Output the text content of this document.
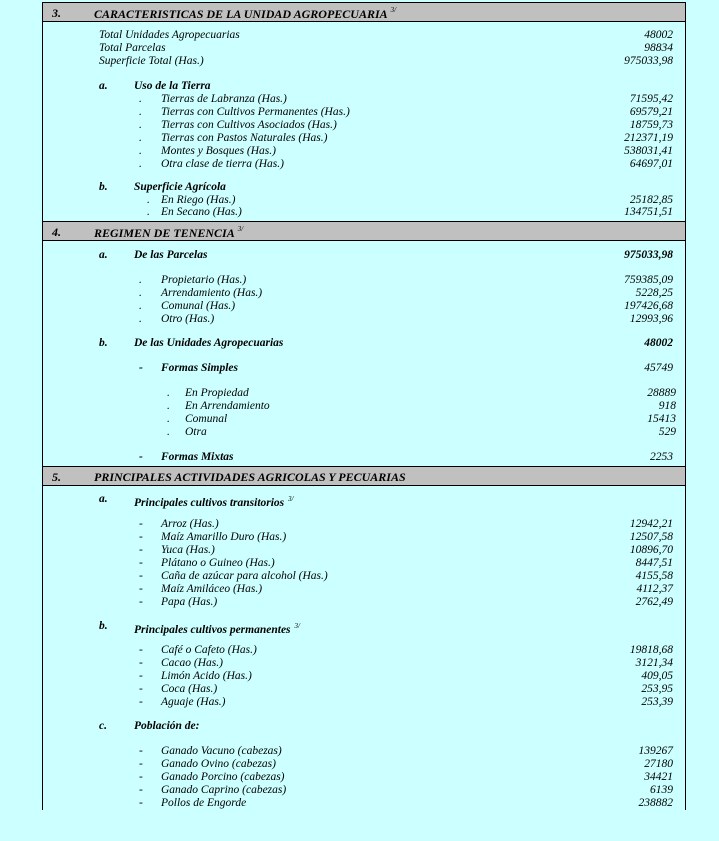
3.	CARACTERISTICAS DE LA UNIDAD AGROPECUARIA $^{3/}$
Total Unidades Agropecuarias	48002
Total Parcelas	98834
Superficie Total (Has.)	975033,98
a. Uso de la Tierra
. Tierras de Labranza (Has.)	71595,42
. Tierras con Cultivos Permanentes (Has.)	69579,21
. Tierras con Cultivos Asociados (Has.)	18759,73
. Tierras con Pastos Naturales (Has.)	212371,19
. Montes y Bosques (Has.)	538031,41
. Otra clase de tierra (Has.)	64697,01
b. Superficie Agrícola
. En Riego (Has.)	25182,85
. En Secano (Has.)	134751,51
4.	REGIMEN DE TENENCIA $^{3/}$
a. De las Parcelas	975033,98
. Propietario (Has.)	759385,09
. Arrendamiento (Has.)	5228,25
. Comunal (Has.)	197426,68
. Otro (Has.)	12993,96
b. De las Unidades Agropecuarias	48002
- Formas Simples	45749
. En Propiedad	28889
. En Arrendamiento	918
. Comunal	15413
. Otra	529
- Formas Mixtas	2253
5.	PRINCIPALES ACTIVIDADES AGRICOLAS Y PECUARIAS
a. Principales cultivos transitorios $^{3/}$
- Arroz (Has.)	12942,21
- Maíz Amarillo Duro (Has.)	12507,58
- Yuca (Has.)	10896,70
- Plátano o Guineo (Has.)	8447,51
- Caña de azúcar para alcohol (Has.)	4155,58
- Maíz Amiláceo (Has.)	4112,37
- Papa (Has.)	2762,49
b. Principales cultivos permanentes $^{3/}$
- Café o Cafeto (Has.)	19818,68
- Cacao (Has.)	3121,34
- Limón Acido (Has.)	409,05
- Coca (Has.)	253,95
- Aguaje (Has.)	253,39
c. Población de:
- Ganado Vacuno (cabezas)	139267
- Ganado Ovino (cabezas)	27180
- Ganado Porcino (cabezas)	34421
- Ganado Caprino (cabezas)	6139
- Pollos de Engorde	238882
